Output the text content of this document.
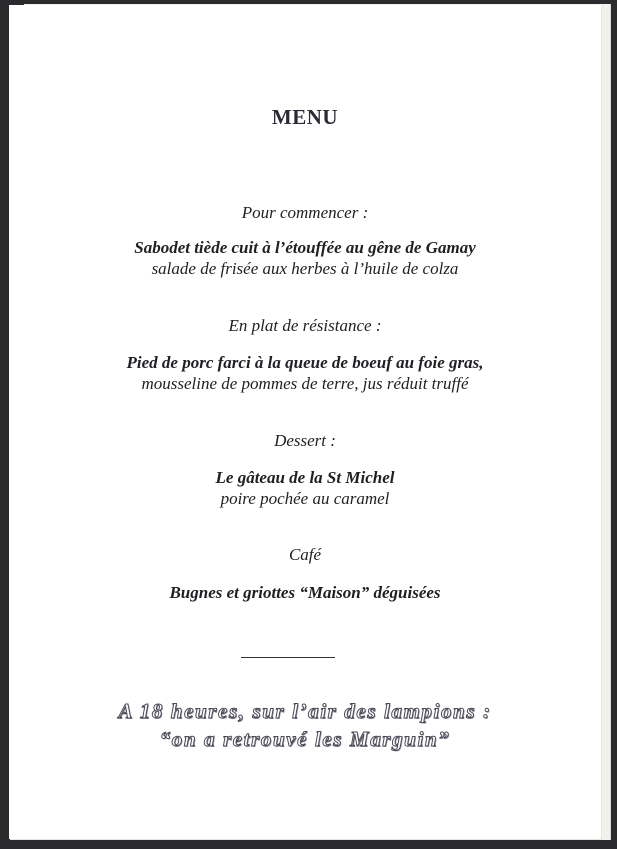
MENU
Pour commencer :
Sabodet tiède cuit à l’étouffée au gêne de Gamay
salade de frisée aux herbes à l’huile de colza
En plat de résistance :
Pied de porc farci à la queue de boeuf au foie gras,
mousseline de pommes de terre, jus réduit truffé
Dessert :
Le gâteau de la St Michel
poire pochée au caramel
Café
Bugnes et griottes “Maison” déguisées
A 18 heures, sur l’air des lampions :
“on a retrouvé les Marguin”
